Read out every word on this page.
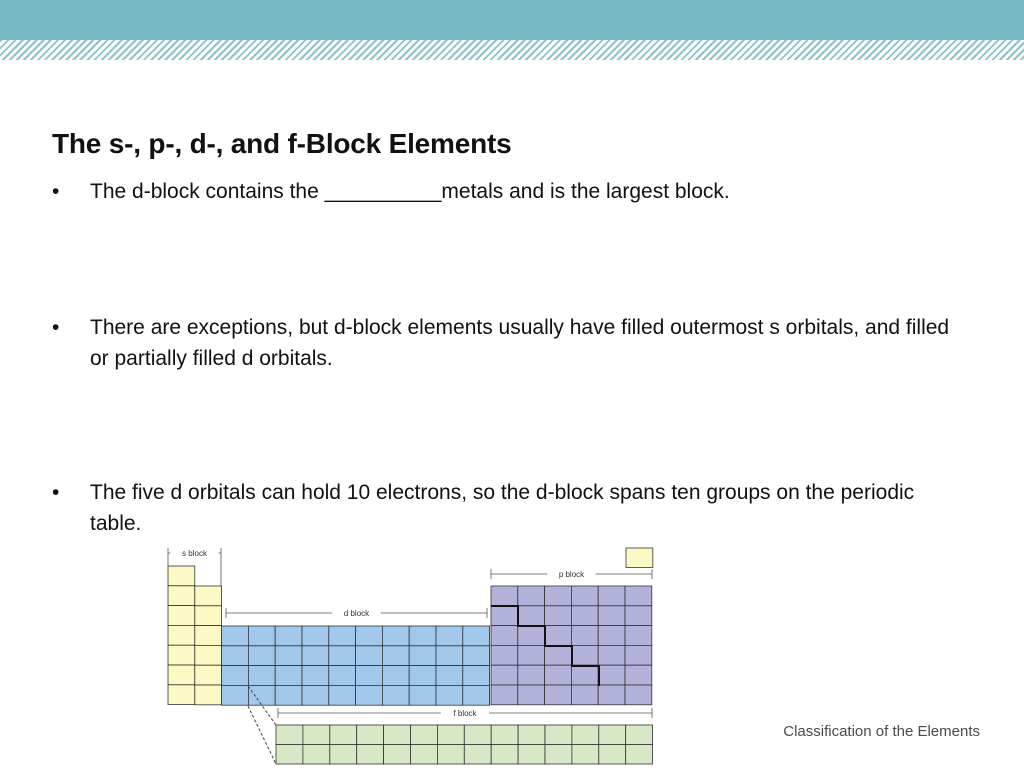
The s-, p-, d-, and f-Block Elements
•	The d-block contains the __________metals and is the largest block.
•	There are exceptions, but d-block elements usually have filled outermost s orbitals, and filled or partially filled d orbitals.
•	The five d orbitals can hold 10 electrons, so the d-block spans ten groups on the periodic table.
s block
p block
d block
f block
Classification of the Elements
